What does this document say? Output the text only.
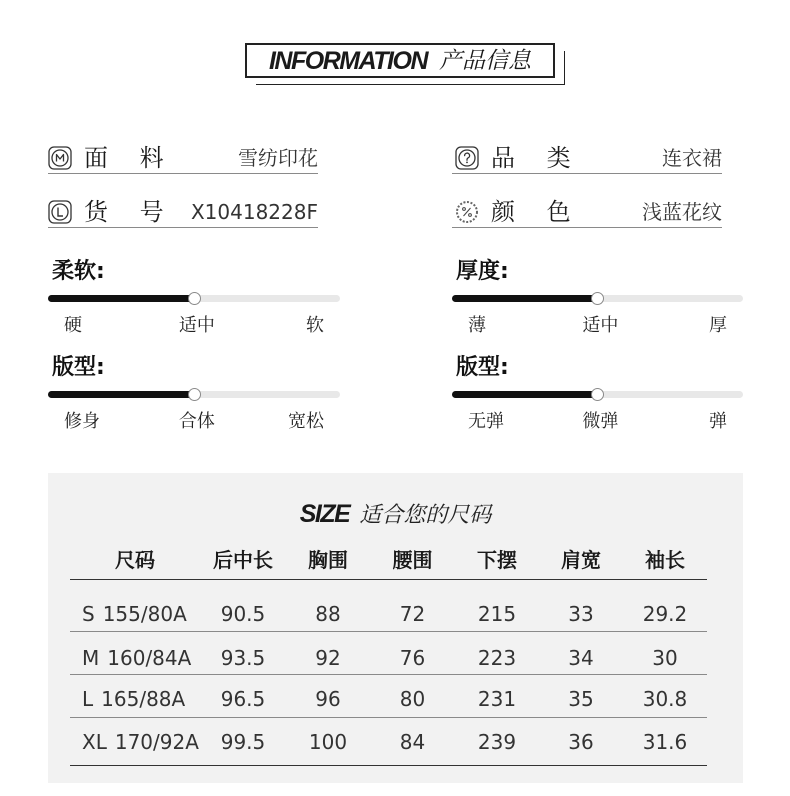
INFORMATION 产品信息
面 料	雪纺印花
货 号 X10418228F
品 类	连衣裙
颜 色	浅蓝花纹
柔软:
硬	适中	软
厚度:
薄	适中	厚
版型:
修身	合体	宽松
版型:
无弹	微弹	弹
SIZE 适合您的尺码
尺码	后中长	胸围	腰围	下摆	肩宽	袖长
S 155/80A	90.5	88	72	215	33	29.2
M 160/84A	93.5	92	76	223	34	30
L 165/88A	96.5	96	80	231	35	30.8
XL 170/92A	99.5	100	84	239	36	31.6
